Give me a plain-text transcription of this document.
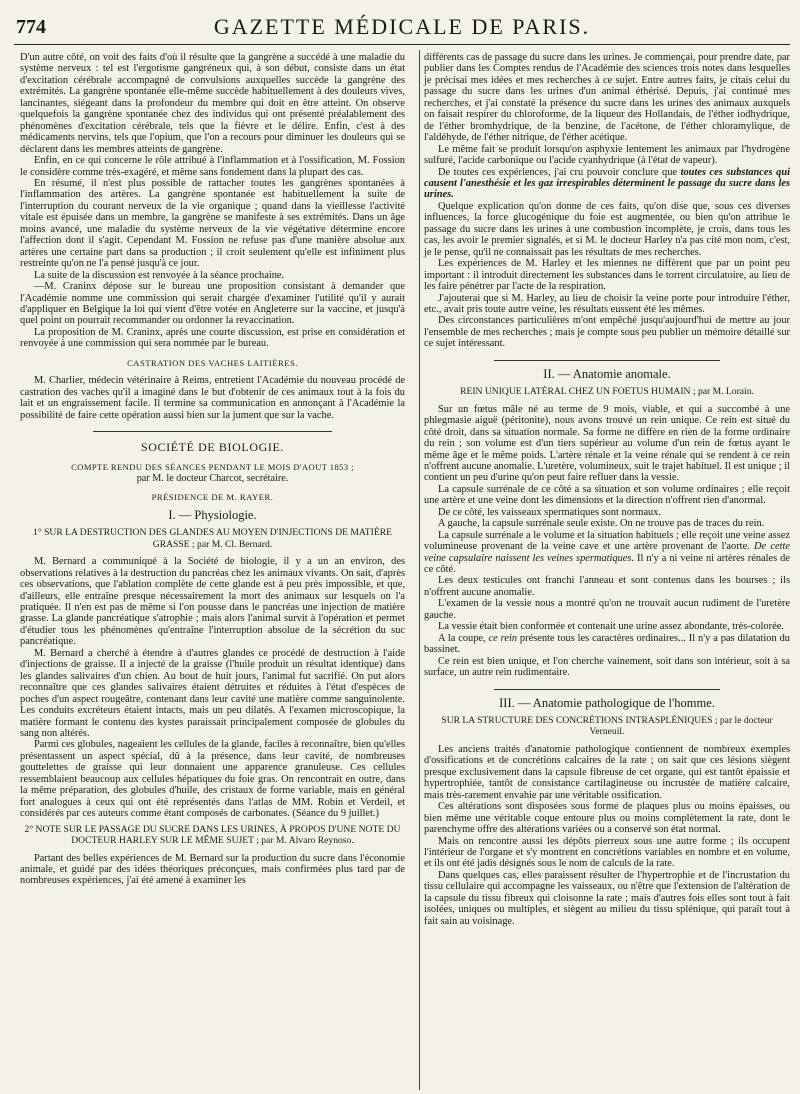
774	GAZETTE MÉDICALE DE PARIS.

D'un autre côté, on voit des faits d'où il résulte que la gangrène a succédé à une maladie du système nerveux : tel est l'ergotisme gangréneux qui, à son début, consiste dans un état d'excitation cérébrale accompagné de convulsions auxquelles succède la gangrène des extrémités. La gangrène spontanée elle-même succède habituellement à des douleurs vives, lancinantes, siégeant dans la profondeur du membre qui doit en être atteint. On observe quelquefois la gangrène spontanée chez des individus qui ont présenté préalablement des phénomènes d'excitation cérébrale, tels que la fièvre et le délire. Enfin, c'est à des médicaments nervins, tels que l'opium, que l'on a recours pour diminuer les douleurs qui se déclarent dans les membres atteints de gangrène.

Enfin, en ce qui concerne le rôle attribué à l'inflammation et à l'ossification, M. Fossion le considère comme très-exagéré, et même sans fondement dans la plupart des cas.

En résumé, il n'est plus possible de rattacher toutes les gangrènes spontanées à l'inflammation des artères. La gangrène spontanée est habituellement la suite de l'interruption du courant nerveux de la vie organique ; quand dans la vieillesse l'activité vitale est épuisée dans un membre, la gangrène se manifeste à ses extrémités. Dans un âge moins avancé, une maladie du système nerveux de la vie végétative détermine encore l'affection dont il s'agit. Cependant M. Fossion ne refuse pas d'une manière absolue aux artères une certaine part dans sa production ; il croit seulement qu'elle est infiniment plus restreinte qu'on ne l'a pensé jusqu'à ce jour.

La suite de la discussion est renvoyée à la séance prochaine.

—M. Craninx dépose sur le bureau une proposition consistant à demander que l'Académie nomme une commission qui serait chargée d'examiner l'utilité qu'il y aurait d'appliquer en Belgique la loi qui vient d'être votée en Angleterre sur la vaccine, et jusqu'à quel point on pourrait recommander ou ordonner la revaccination.

La proposition de M. Craninx, après une courte discussion, est prise en considération et renvoyée à une commission qui sera nommée par le bureau.

CASTRATION DES VACHES LAITIÈRES.

M. Charlier, médecin vétérinaire à Reims, entretient l'Académie du nouveau procédé de castration des vaches qu'il a imaginé dans le but d'obtenir de ces animaux tout à la fois du lait et un engraissement facile. Il termine sa communication en annonçant à l'Académie la possibilité de faire cette opération aussi bien sur la jument que sur la vache.

SOCIÉTÉ DE BIOLOGIE.
COMPTE RENDU DES SÉANCES PENDANT LE MOIS D'AOUT 1853 ;
par M. le docteur Charcot, secrétaire.
PRÉSIDENCE DE M. RAYER.
I. — Physiologie.
1° SUR LA DESTRUCTION DES GLANDES AU MOYEN D'INJECTIONS DE MATIÈRE GRASSE ; par M. Cl. Bernard.

M. Bernard a communiqué à la Société de biologie, il y a un an environ, des observations relatives à la destruction du pancréas chez les animaux vivants. On sait, d'après ces observations, que l'ablation complète de cette glande est à peu près impossible, et que, d'ailleurs, elle entraîne presque nécessairement la mort des animaux sur lesquels on l'a pratiquée. Il n'en est pas de même si l'on pousse dans le pancréas une injection de matière grasse. La glande pancréatique s'atrophie ; mais alors l'animal survit à l'opération et permet d'étudier tous les phénomènes qu'entraîne l'interruption absolue de la sécrétion du suc pancréatique.

M. Bernard a cherché à étendre à d'autres glandes ce procédé de destruction à l'aide d'injections de graisse. Il a injecté de la graisse (l'huile produit un résultat identique) dans les glandes salivaires d'un chien. Au bout de huit jours, l'animal fut sacrifié. On put alors reconnaître que ces glandes salivaires étaient détruites et réduites à l'état d'espèces de poches d'un aspect rougeâtre, contenant dans leur cavité une matière comme sanguinolente. Les conduits excréteurs étaient intacts, mais un peu dilatés. A l'examen microscopique, la matière formant le contenu des kystes paraissait principalement composée de globules du sang non altérés.

Parmi ces globules, nageaient les cellules de la glande, faciles à reconnaître, bien qu'elles présentassent un aspect spécial, dû à la présence, dans leur cavité, de nombreuses gouttelettes de graisse qui leur donnaient une apparence granuleuse. Ces cellules ressemblaient beaucoup aux cellules hépatiques du foie gras. On rencontrait en outre, dans la même préparation, des globules d'huile, des cristaux de forme variable, mais en général fort analogues à ceux qui ont été représentés dans l'atlas de MM. Robin et Verdeil, et considérés par ces auteurs comme étant composés de carbonates. (Séance du 9 juillet.)

2° NOTE SUR LE PASSAGE DU SUCRE DANS LES URINES, À PROPOS D'UNE NOTE DU DOCTEUR HARLEY SUR LE MÊME SUJET ; par M. Alvaro Reynoso.

Partant des belles expériences de M. Bernard sur la production du sucre dans l'économie animale, et guidé par des idées théoriques préconçues, mais confirmées plus tard par de nombreuses expériences, j'ai été amené à examiner les

différents cas de passage du sucre dans les urines. Je commençai, pour prendre date, par publier dans les Comptes rendus de l'Académie des sciences trois notes dans lesquelles je précisai mes idées et mes recherches à ce sujet. Entre autres faits, je citais celui du passage du sucre dans les urines d'un animal éthérisé. Depuis, j'ai continué mes recherches, et j'ai constaté la présence du sucre dans les urines des animaux auxquels on faisait respirer du chloroforme, de la liqueur des Hollandais, de l'éther iodhydrique, de l'éther bromhydrique, de la benzine, de l'acétone, de l'éther chloramylique, de l'aldéhyde, de l'éther nitrique, de l'éther acétique.

Le même fait se produit lorsqu'on asphyxie lentement les animaux par l'hydrogène sulfuré, l'acide carbonique ou l'acide cyanhydrique (à l'état de vapeur).

De toutes ces expériences, j'ai cru pouvoir conclure que toutes ces substances qui causent l'anesthésie et les gaz irrespirables déterminent le passage du sucre dans les urines.

Quelque explication qu'on donne de ces faits, qu'on dise que, sous ces diverses influences, la force glucogénique du foie est augmentée, ou bien qu'on attribue le passage du sucre dans les urines à une combustion incomplète, je crois, dans tous les cas, les avoir le premier signalés, et si M. le docteur Harley n'a pas cité mon nom, c'est, je le pense, qu'il ne connaissait pas les résultats de mes recherches.

Les expériences de M. Harley et les miennes ne diffèrent que par un point peu important : il introduit directement les substances dans le torrent circulatoire, au lieu de les faire pénétrer par l'acte de la respiration.

J'ajouterai que si M. Harley, au lieu de choisir la veine porte pour introduire l'éther, etc., avait pris toute autre veine, les résultats eussent été les mêmes.

Des circonstances particulières m'ont empêché jusqu'aujourd'hui de mettre au jour l'ensemble de mes recherches ; mais je compte sous peu publier un mémoire détaillé sur ce sujet intéressant.

II. — Anatomie anomale.
REIN UNIQUE LATÉRAL CHEZ UN FOETUS HUMAIN ; par M. Lorain.

Sur un fœtus mâle né au terme de 9 mois, viable, et qui a succombé à une phlegmasie aiguë (péritonite), nous avons trouvé un rein unique. Ce rein est situé du côté droit, dans sa situation normale. Sa forme ne diffère en rien de la forme ordinaire du rein ; son volume est d'un tiers supérieur au volume d'un rein de fœtus ayant le même âge et le même poids. L'artère rénale et la veine rénale qui se rendent à ce rein n'offrent aucune anomalie. L'uretère, volumineux, suit le trajet habituel. Il est unique ; il contient un peu d'urine qu'on peut faire refluer dans la vessie.

La capsule surrénale de ce côté a sa situation et son volume ordinaires ; elle reçoit une artère et une veine dont les dimensions et la direction n'offrent rien d'anormal.

De ce côté, les vaisseaux spermatiques sont normaux.

A gauche, la capsule surrénale seule existe. On ne trouve pas de traces du rein.

La capsule surrénale a le volume et la situation habituels ; elle reçoit une veine assez volumineuse provenant de la veine cave et une artère provenant de l'aorte. De cette veine capsulaire naissent les veines spermatiques. Il n'y a ni veine ni artères rénales de ce côté.

Les deux testicules ont franchi l'anneau et sont contenus dans les bourses ; ils n'offrent aucune anomalie.

L'examen de la vessie nous a montré qu'on ne trouvait aucun rudiment de l'uretère gauche.

La vessie était bien conformée et contenait une urine assez abondante, très-colorée.

A la coupe, ce rein présente tous les caractères ordinaires... Il n'y a pas dilatation du bassinet.

Ce rein est bien unique, et l'on cherche vainement, soit dans son intérieur, soit à sa surface, un autre rein rudimentaire.

III. — Anatomie pathologique de l'homme.
SUR LA STRUCTURE DES CONCRÉTIONS INTRASPLÉNIQUES ; par le docteur Verneuil.

Les anciens traités d'anatomie pathologique contiennent de nombreux exemples d'ossifications et de concrétions calcaires de la rate ; on sait que ces lésions siègent presque exclusivement dans la capsule fibreuse de cet organe, qui est tantôt épaissie et hypertrophiée, tantôt de consistance cartilagineuse ou incrustée de matière calcaire, mais très-rarement envahie par une véritable ossification.

Ces altérations sont disposées sous forme de plaques plus ou moins épaisses, ou bien même une véritable coque entoure plus ou moins complètement la rate, dont le parenchyme offre des altérations variées ou a conservé son état normal.

Mais on rencontre aussi les dépôts pierreux sous une autre forme ; ils occupent l'intérieur de l'organe et s'y montrent en concrétions variables en nombre et en volume, et ils ont été jadis désignés sous le nom de calculs de la rate.

Dans quelques cas, elles paraissent résulter de l'hypertrophie et de l'incrustation du tissu cellulaire qui accompagne les vaisseaux, ou n'être que l'extension de l'altération de la capsule du tissu fibreux qui cloisonne la rate ; mais d'autres fois elles sont tout à fait isolées, uniques ou multiples, et siègent au milieu du tissu splénique, qui paraît tout à fait sain au voisinage.
